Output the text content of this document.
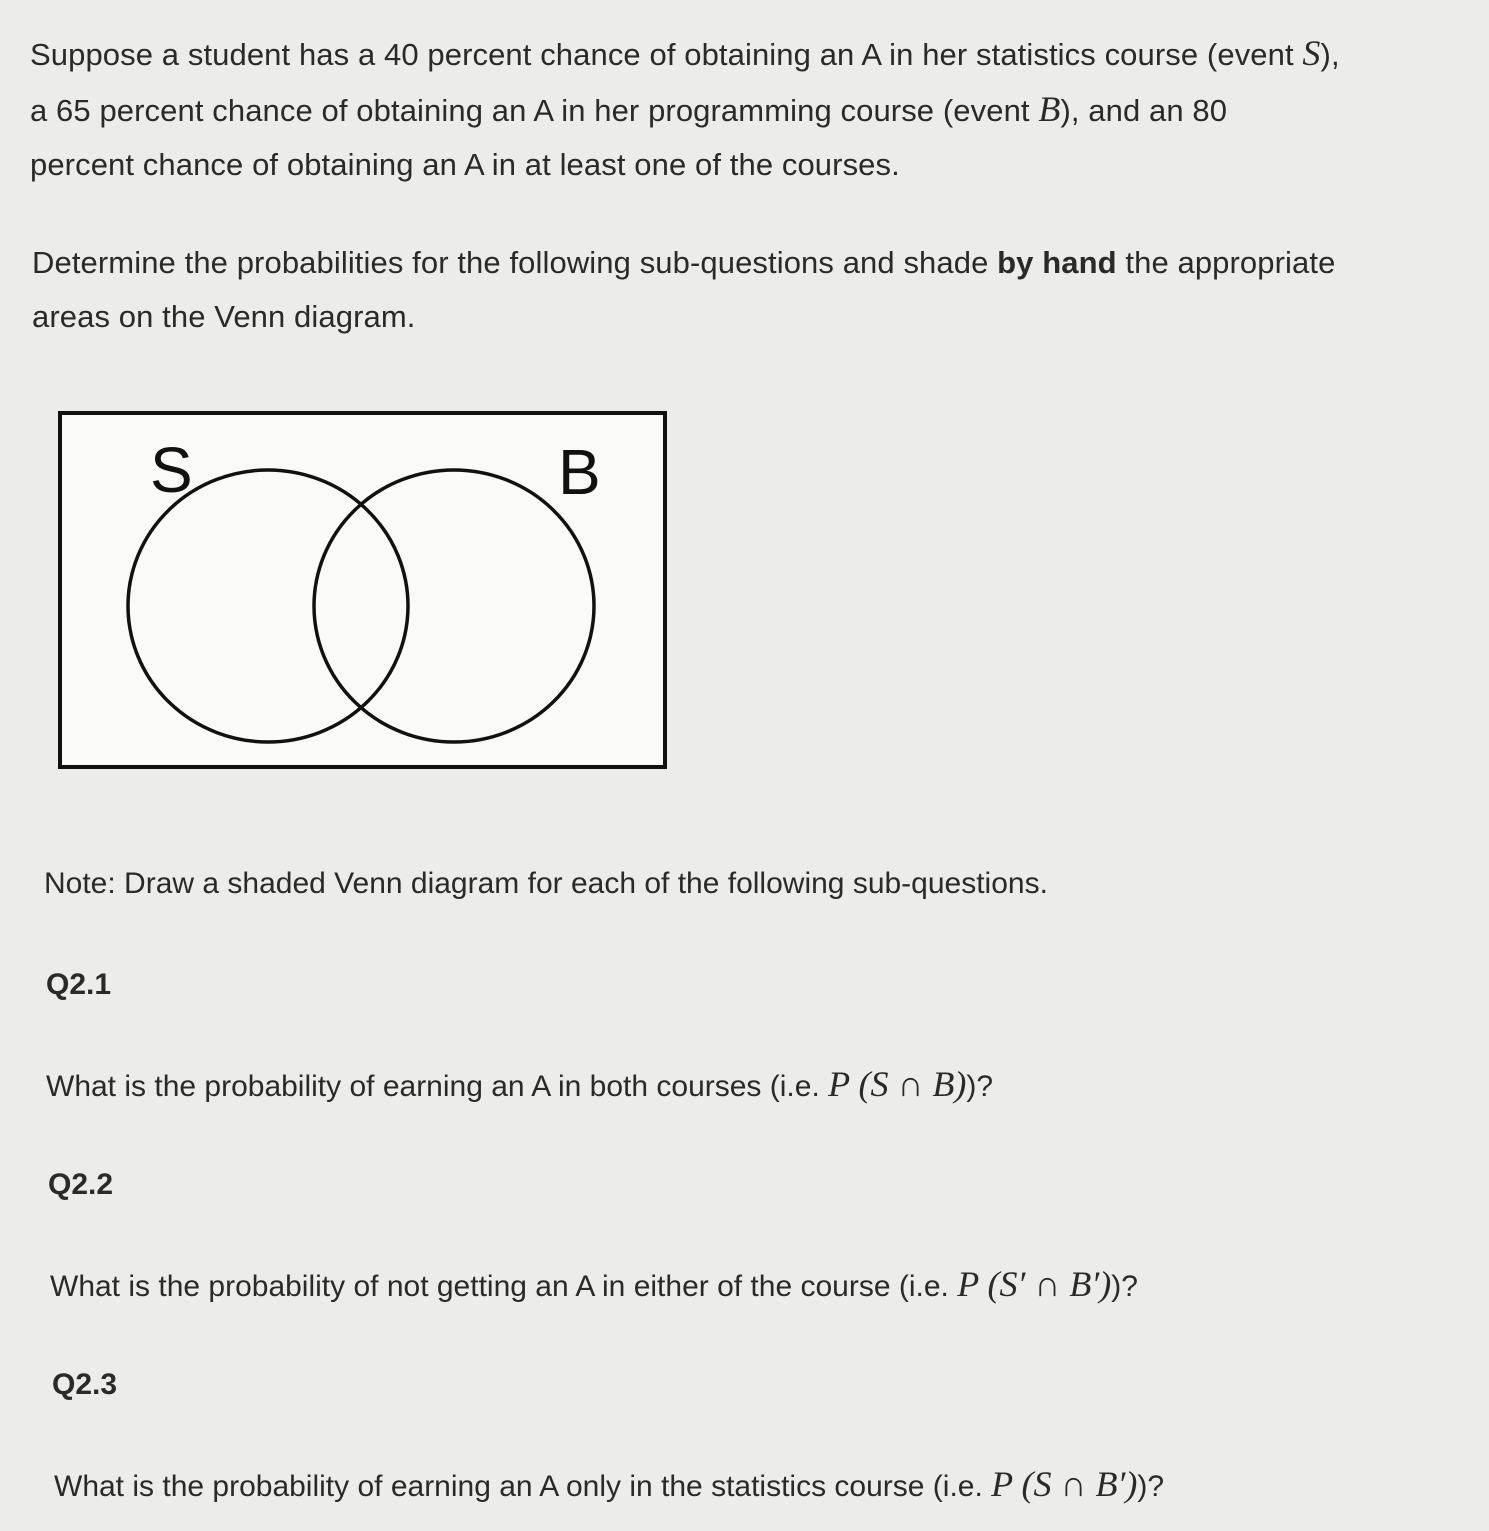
Suppose a student has a 40 percent chance of obtaining an A in her statistics course (event S),
a 65 percent chance of obtaining an A in her programming course (event B), and an 80
percent chance of obtaining an A in at least one of the courses.
Determine the probabilities for the following sub-questions and shade by hand the appropriate
areas on the Venn diagram.
S	B
Note: Draw a shaded Venn diagram for each of the following sub-questions.
Q2.1
What is the probability of earning an A in both courses (i.e. P (S ∩ B))?
Q2.2
What is the probability of not getting an A in either of the course (i.e. P (S′ ∩ B′))?
Q2.3
What is the probability of earning an A only in the statistics course (i.e. P (S ∩ B′))?
